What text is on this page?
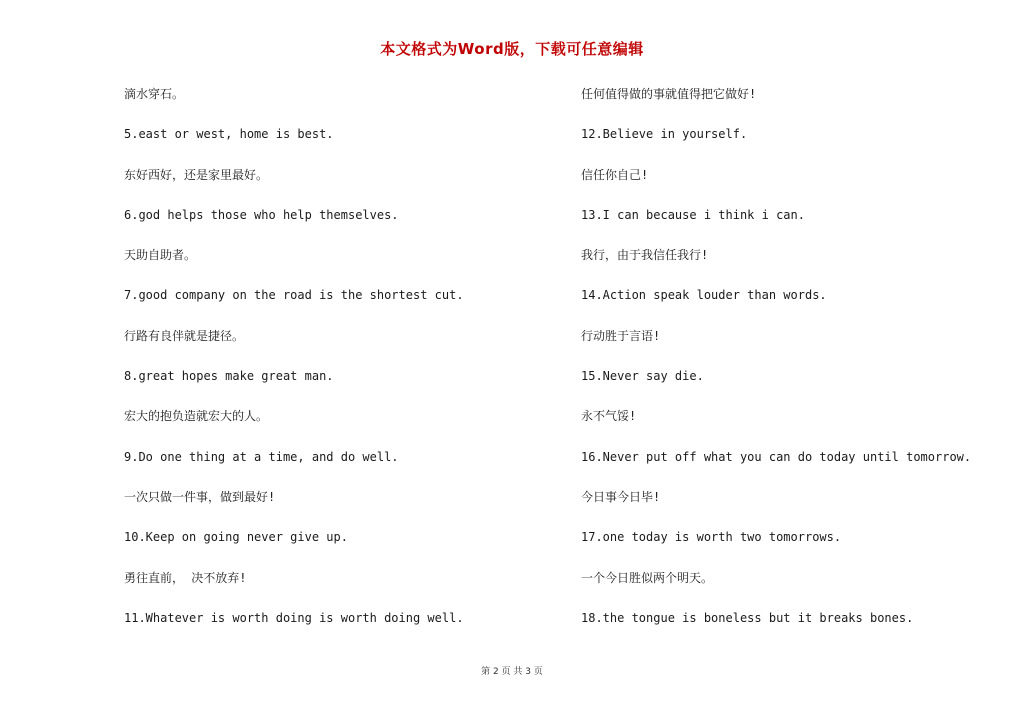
本文格式为Word版，下载可任意编辑
滴水穿石。
5.east or west, home is best.
东好西好，还是家里最好。
6.god helps those who help themselves.
天助自助者。
7.good company on the road is the shortest cut.
行路有良伴就是捷径。
8.great hopes make great man.
宏大的抱负造就宏大的人。
9.Do one thing at a time, and do well.
一次只做一件事，做到最好!
10.Keep on going never give up.
勇往直前， 决不放弃!
11.Whatever is worth doing is worth doing well.
任何值得做的事就值得把它做好!
12.Believe in yourself.
信任你自己!
13.I can because i think i can.
我行，由于我信任我行!
14.Action speak louder than words.
行动胜于言语!
15.Never say die.
永不气馁!
16.Never put off what you can do today until tomorrow.
今日事今日毕!
17.one today is worth two tomorrows.
一个今日胜似两个明天。
18.the tongue is boneless but it breaks bones.
第 2 页 共 3 页
